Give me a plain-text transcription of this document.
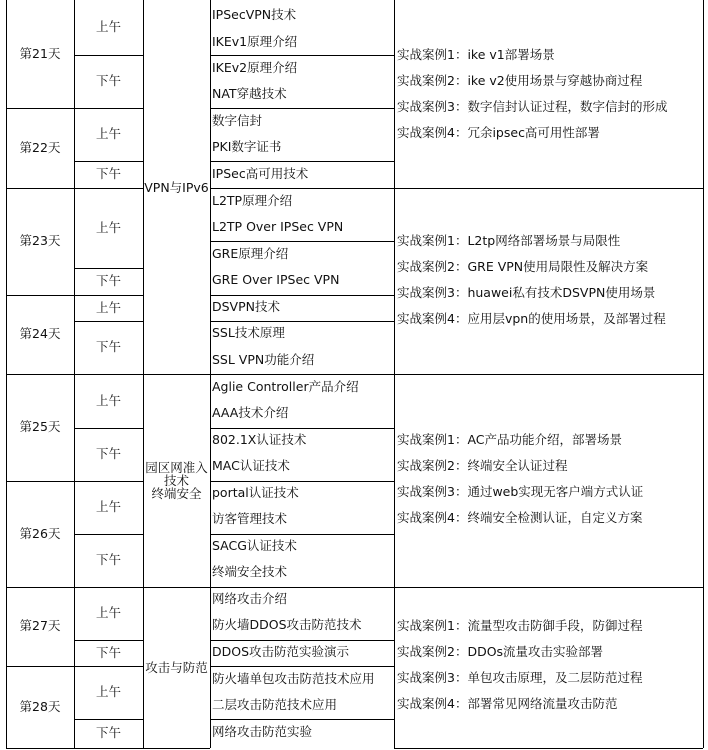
第21天
上午
下午
第22天
上午
下午
第23天
上午
下午
第24天
上午
下午
第25天
上午
下午
第26天
上午
下午
第27天
上午
下午
第28天
上午
下午
VPN与IPv6
园区网准入技术
终端安全
攻击与防范
IPSecVPN技术
IKEv1原理介绍
IKEv2原理介绍
NAT穿越技术
数字信封
PKI数字证书
IPSec高可用技术
L2TP原理介绍
L2TP Over IPSec VPN
GRE原理介绍
GRE Over IPSec VPN
DSVPN技术
SSL技术原理
SSL VPN功能介绍
Aglie Controller产品介绍
AAA技术介绍
802.1X认证技术
MAC认证技术
portal认证技术
访客管理技术
SACG认证技术
终端安全技术
网络攻击介绍
防火墙DDOS攻击防范技术
DDOS攻击防范实验演示
防火墙单包攻击防范技术应用
二层攻击防范技术应用
网络攻击防范实验
实战案例1：ike v1部署场景
实战案例2：ike v2使用场景与穿越协商过程
实战案例3：数字信封认证过程，数字信封的形成
实战案例4：冗余ipsec高可用性部署
实战案例1：L2tp网络部署场景与局限性
实战案例2：GRE VPN使用局限性及解决方案
实战案例3：huawei私有技术DSVPN使用场景
实战案例4：应用层vpn的使用场景，及部署过程
实战案例1：AC产品功能介绍，部署场景
实战案例2：终端安全认证过程
实战案例3：通过web实现无客户端方式认证
实战案例4：终端安全检测认证，自定义方案
实战案例1：流量型攻击防御手段，防御过程
实战案例2：DDOs流量攻击实验部署
实战案例3：单包攻击原理，及二层防范过程
实战案例4：部署常见网络流量攻击防范
